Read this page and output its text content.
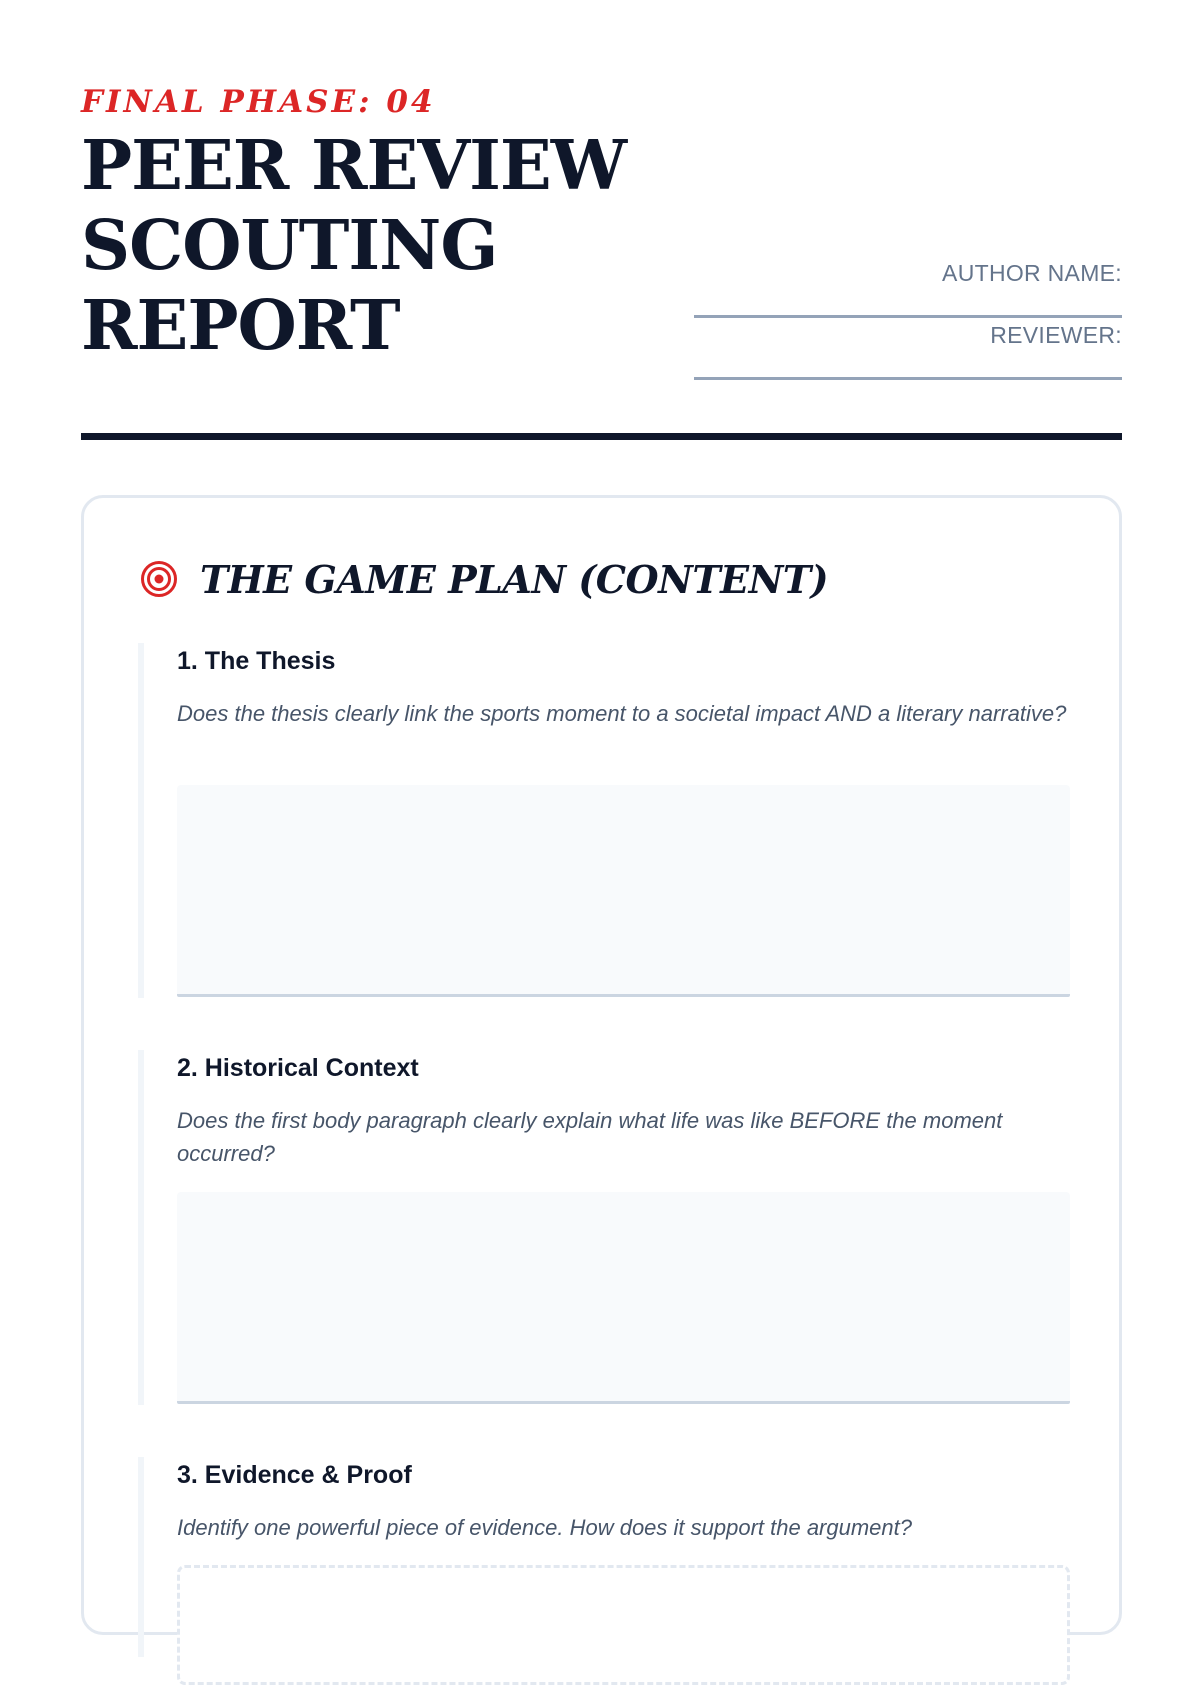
FINAL PHASE: 04
PEER REVIEW
SCOUTING
REPORT
AUTHOR NAME:
REVIEWER:
THE GAME PLAN (CONTENT)
1. The Thesis

Does the thesis clearly link the sports moment to a societal impact AND a literary narrative?

2. Historical Context

Does the first body paragraph clearly explain what life was like BEFORE the moment occurred?

3. Evidence & Proof

Identify one powerful piece of evidence. How does it support the argument?
